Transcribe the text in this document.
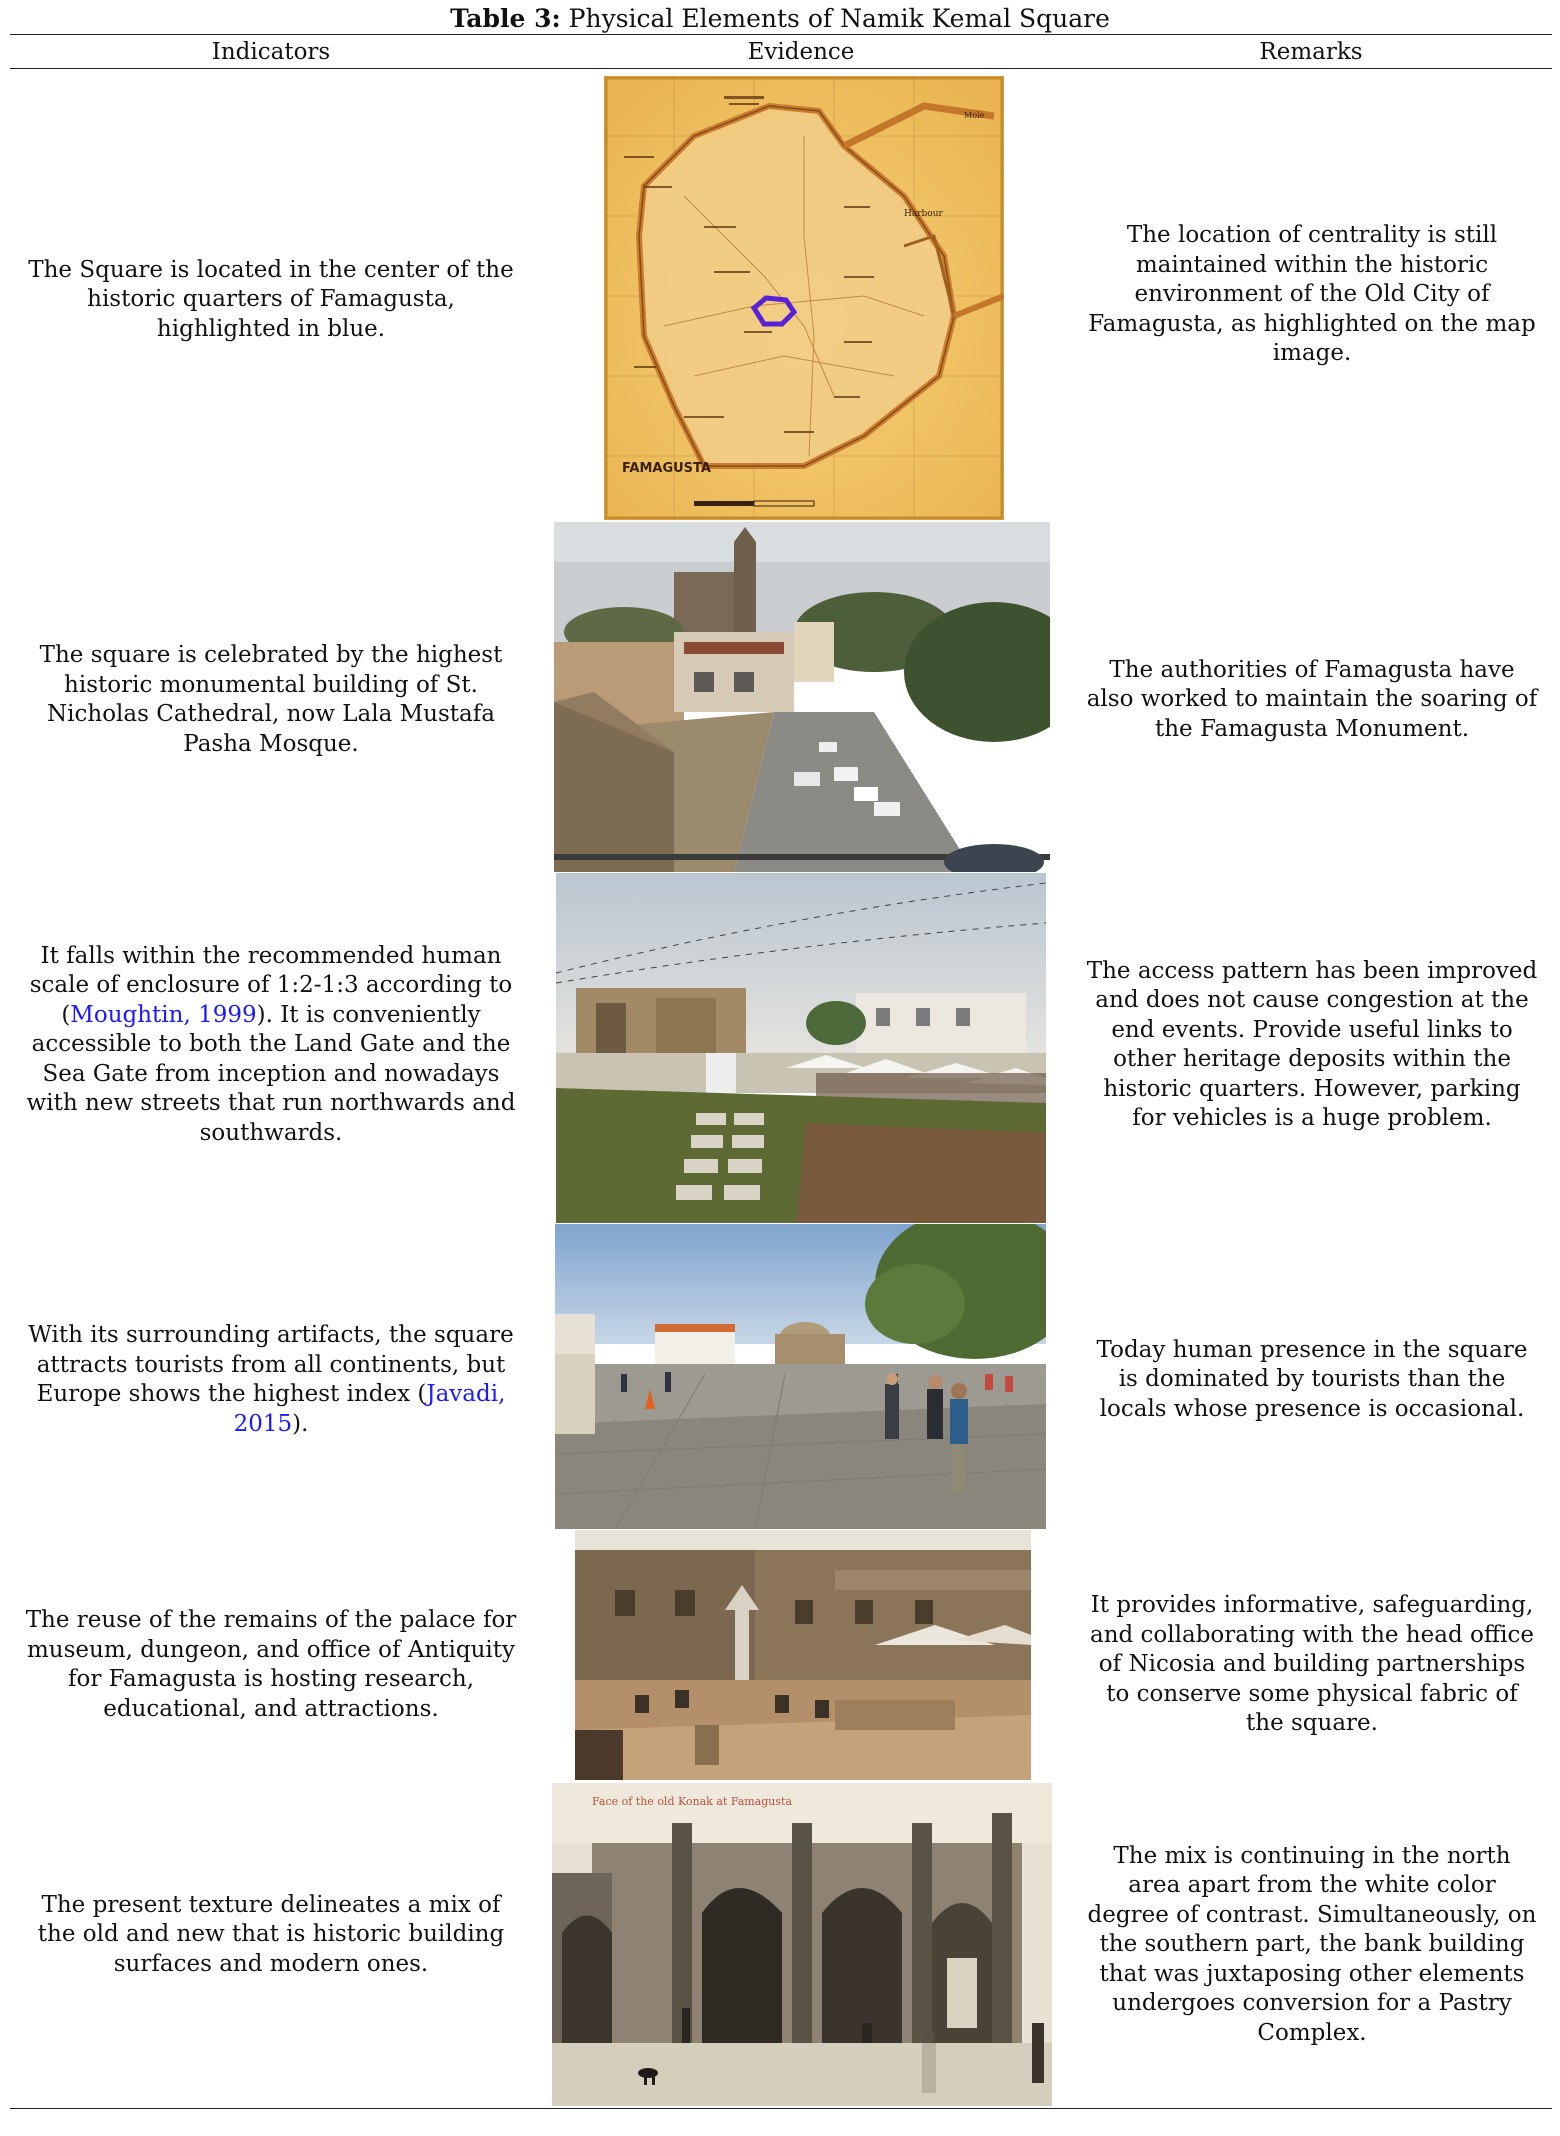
Table 3: Physical Elements of Namik Kemal Square
Indicators	Evidence	Remarks
The Square is located in the center of the historic quarters of Famagusta, highlighted in blue.
FAMAGUSTA
Harbour
Mole
The location of centrality is still maintained within the historic environment of the Old City of Famagusta, as highlighted on the map image.
The square is celebrated by the highest historic monumental building of St. Nicholas Cathedral, now Lala Mustafa Pasha Mosque.
The authorities of Famagusta have also worked to maintain the soaring of the Famagusta Monument.
It falls within the recommended human scale of enclosure of 1:2-1:3 according to (Moughtin, 1999). It is conveniently accessible to both the Land Gate and the Sea Gate from inception and nowadays with new streets that run northwards and southwards.
The access pattern has been improved and does not cause congestion at the end events. Provide useful links to other heritage deposits within the historic quarters. However, parking for vehicles is a huge problem.
With its surrounding artifacts, the square attracts tourists from all continents, but Europe shows the highest index (Javadi, 2015).
Today human presence in the square is dominated by tourists than the locals whose presence is occasional.
The reuse of the remains of the palace for museum, dungeon, and office of Antiquity for Famagusta is hosting research, educational, and attractions.
It provides informative, safeguarding, and collaborating with the head office of Nicosia and building partnerships to conserve some physical fabric of the square.
The present texture delineates a mix of the old and new that is historic building surfaces and modern ones.
Face of the old Konak at Famagusta
The mix is continuing in the north area apart from the white color degree of contrast. Simultaneously, on the southern part, the bank building that was juxtaposing other elements undergoes conversion for a Pastry Complex.
